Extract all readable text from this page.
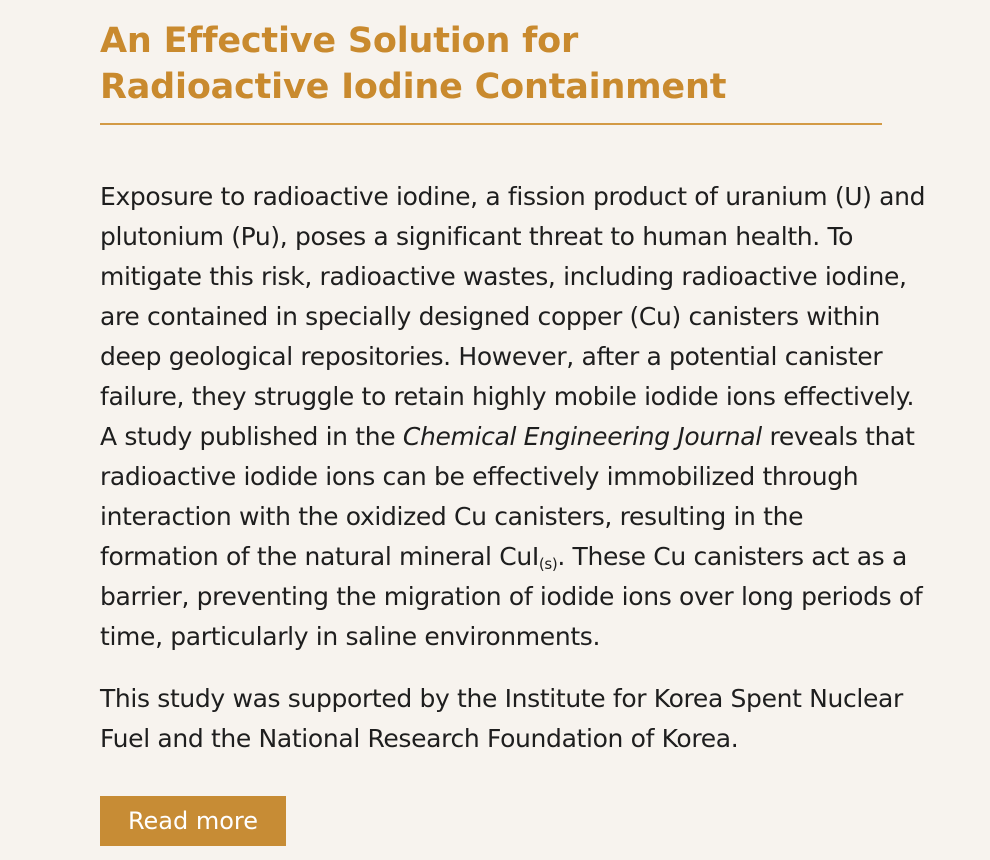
An Effective Solution for
Radioactive Iodine Containment

Exposure to radioactive iodine, a fission product of uranium (U) and
plutonium (Pu), poses a significant threat to human health. To
mitigate this risk, radioactive wastes, including radioactive iodine,
are contained in specially designed copper (Cu) canisters within
deep geological repositories. However, after a potential canister
failure, they struggle to retain highly mobile iodide ions effectively.
A study published in the Chemical Engineering Journal reveals that
radioactive iodide ions can be effectively immobilized through
interaction with the oxidized Cu canisters, resulting in the
formation of the natural mineral CuI$_{(s)}$. These Cu canisters act as a
barrier, preventing the migration of iodide ions over long periods of
time, particularly in saline environments.

This study was supported by the Institute for Korea Spent Nuclear
Fuel and the National Research Foundation of Korea.

Read more
